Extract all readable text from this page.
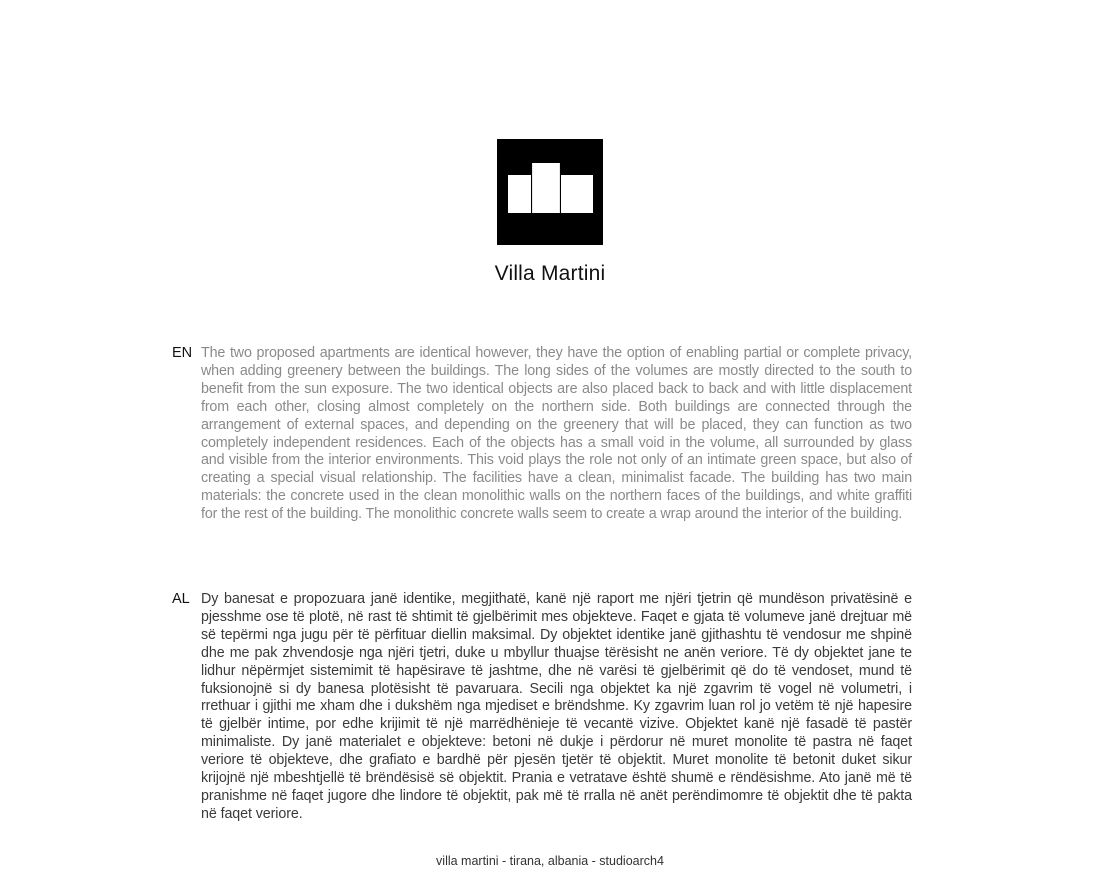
Villa Martini
EN The two proposed apartments are identical however, they have the option of enabling partial or complete privacy, when adding greenery between the buildings. The long sides of the volumes are mostly directed to the south to benefit from the sun exposure. The two identical objects are also placed back to back and with little displacement from each other, closing almost completely on the northern side. Both buildings are connected through the arrangement of external spaces, and depending on the greenery that will be placed, they can function as two completely independent residences. Each of the objects has a small void in the volume, all surrounded by glass and visible from the interior environments. This void plays the role not only of an intimate green space, but also of creating a special visual relationship. The facilities have a clean, minimalist facade. The building has two main materials: the concrete used in the clean monolithic walls on the northern faces of the buildings, and white graffiti for the rest of the building. The monolithic concrete walls seem to create a wrap around the interior of the building.

AL Dy banesat e propozuara janë identike, megjithatë, kanë një raport me njëri tjetrin që mundëson privatësinë e pjesshme ose të plotë, në rast të shtimit të gjelbërimit mes objekteve. Faqet e gjata të volumeve janë drejtuar më së tepërmi nga jugu për të përfituar diellin maksimal. Dy objektet identike janë gjithashtu të vendosur me shpinë dhe me pak zhvendosje nga njëri tjetri, duke u mbyllur thuajse tërësisht ne anën veriore. Të dy objektet jane te lidhur nëpërmjet sistemimit të hapësirave të jashtme, dhe në varësi të gjelbërimit që do të vendoset, mund të fuksionojnë si dy banesa plotësisht të pavaruara. Secili nga objektet ka një zgavrim të vogel në volumetri, i rrethuar i gjithi me xham dhe i dukshëm nga mjediset e brëndshme. Ky zgavrim luan rol jo vetëm të një hapesire të gjelbër intime, por edhe krijimit të një marrëdhënieje të vecantë vizive. Objektet kanë një fasadë të pastër minimaliste. Dy janë materialet e objekteve: betoni në dukje i përdorur në muret monolite të pastra në faqet veriore të objekteve, dhe grafiato e bardhë për pjesën tjetër të objektit. Muret monolite të betonit duket sikur krijojnë një mbeshtjellë të brëndësisë së objektit. Prania e vetratave është shumë e rëndësishme. Ato janë më të pranishme në faqet jugore dhe lindore të objektit, pak më të rralla në anët perëndimomre të objektit dhe të pakta në faqet veriore.

villa martini - tirana, albania - studioarch4
